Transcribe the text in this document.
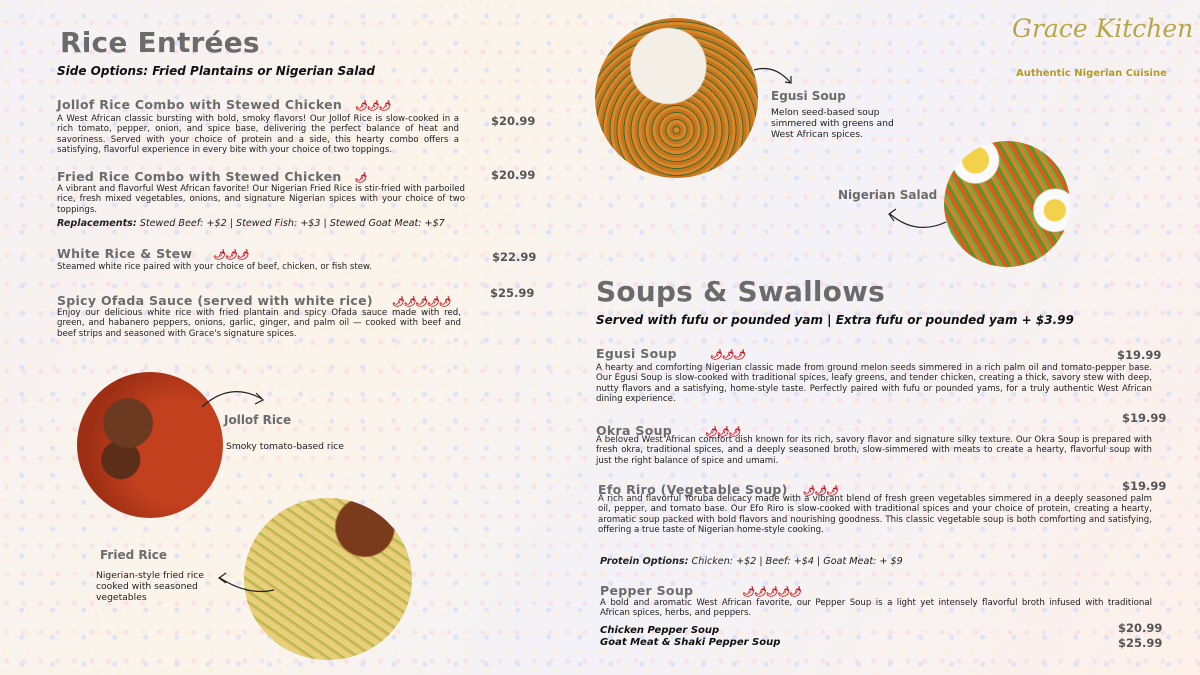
Grace Kitchen
Authentic Nigerian Cuisine
Rice Entrées
Side Options: Fried Plantains or Nigerian Salad
Jollof Rice Combo with Stewed Chicken 🌶🌶🌶
A West African classic bursting with bold, smoky flavors! Our Jollof Rice is slow-cooked in a rich tomato, pepper, onion, and spice base, delivering the perfect balance of heat and savoriness. Served with your choice of protein and a side, this hearty combo offers a satisfying, flavorful experience in every bite with your choice of two toppings.
$20.99
Fried Rice Combo with Stewed Chicken 🌶
A vibrant and flavorful West African favorite! Our Nigerian Fried Rice is stir-fried with parboiled rice, fresh mixed vegetables, onions, and signature Nigerian spices with your choice of two toppings.
$20.99
Replacements: Stewed Beef: +$2 | Stewed Fish: +$3 | Stewed Goat Meat: +$7
White Rice & Stew 🌶🌶🌶
Steamed white rice paired with your choice of beef, chicken, or fish stew.
$22.99
Spicy Ofada Sauce (served with white rice) 🌶🌶🌶🌶🌶
Enjoy our delicious white rice with fried plantain and spicy Ofada sauce made with red, green, and habanero peppers, onions, garlic, ginger, and palm oil — cooked with beef and beef strips and seasoned with Grace's signature spices.
$25.99
Jollof Rice
Smoky tomato-based rice
Fried Rice
Nigerian-style fried rice cooked with seasoned vegetables
Egusi Soup
Melon seed-based soup simmered with greens and West African spices.
Nigerian Salad
Soups & Swallows
Served with fufu or pounded yam | Extra fufu or pounded yam + $3.99
Egusi Soup	🌶🌶🌶	$19.99
A hearty and comforting Nigerian classic made from ground melon seeds simmered in a rich palm oil and tomato-pepper base. Our Egusi Soup is slow-cooked with traditional spices, leafy greens, and tender chicken, creating a thick, savory stew with deep, nutty flavors and a satisfying, home-style taste. Perfectly paired with fufu or pounded yams, for a truly authentic West African dining experience.
Okra Soup	🌶🌶🌶
$19.99
A beloved West African comfort dish known for its rich, savory flavor and signature silky texture. Our Okra Soup is prepared with fresh okra, traditional spices, and a deeply seasoned broth, slow-simmered with meats to create a hearty, flavorful soup with just the right balance of spice and umami.
Efo Riro (Vegetable Soup) 🌶🌶🌶	$19.99
A rich and flavorful Yoruba delicacy made with a vibrant blend of fresh green vegetables simmered in a deeply seasoned palm oil, pepper, and tomato base. Our Efo Riro is slow-cooked with traditional spices and your choice of protein, creating a hearty, aromatic soup packed with bold flavors and nourishing goodness. This classic vegetable soup is both comforting and satisfying, offering a true taste of Nigerian home-style cooking.
Protein Options: Chicken: +$2 | Beef: +$4 | Goat Meat: + $9
Pepper Soup	🌶🌶🌶🌶🌶
A bold and aromatic West African favorite, our Pepper Soup is a light yet intensely flavorful broth infused with traditional African spices, herbs, and peppers.
Chicken Pepper Soup	$20.99
Goat Meat & Shaki Pepper Soup	$25.99
